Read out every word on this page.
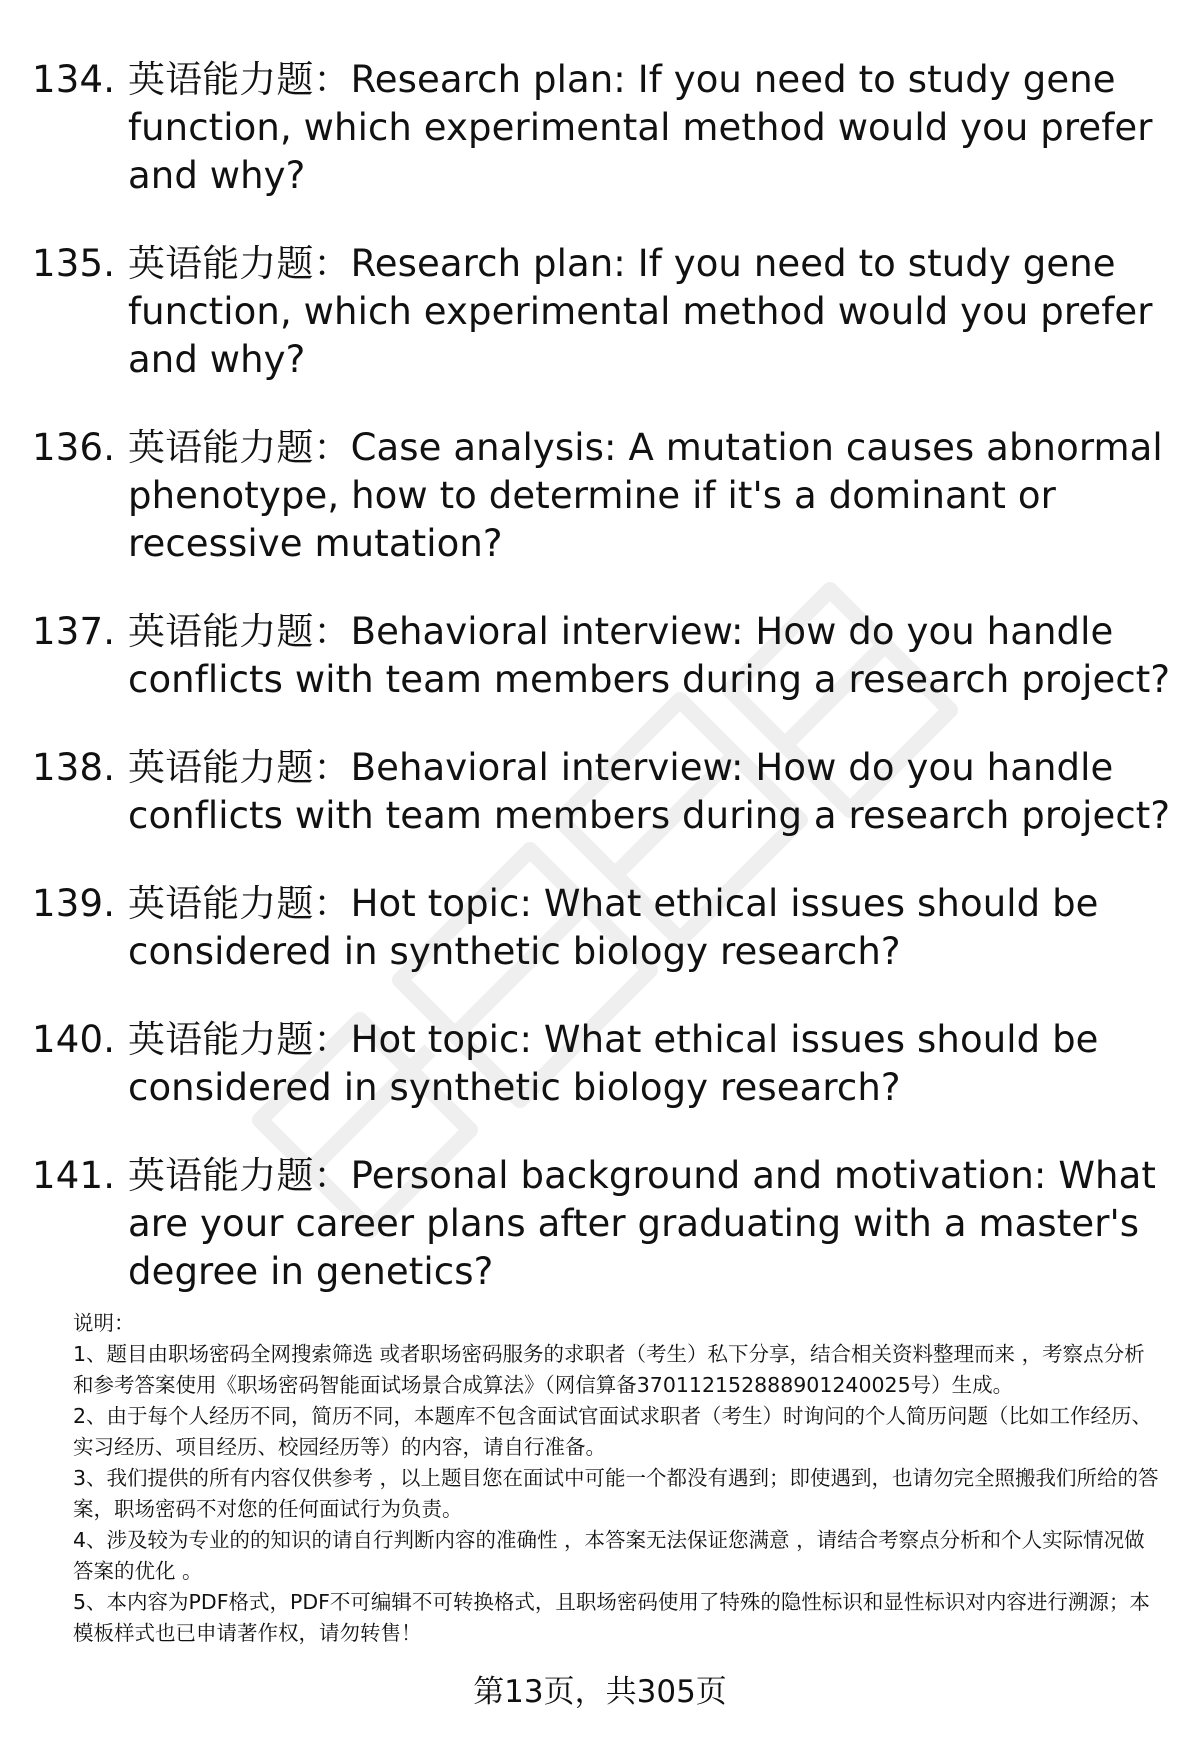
134. 英语能力题：Research plan: If you need to study gene function, which experimental method would you prefer and why?
135. 英语能力题：Research plan: If you need to study gene function, which experimental method would you prefer and why?
136. 英语能力题：Case analysis: A mutation causes abnormal phenotype, how to determine if it's a dominant or recessive mutation?
137. 英语能力题：Behavioral interview: How do you handle conflicts with team members during a research project?
138. 英语能力题：Behavioral interview: How do you handle conflicts with team members during a research project?
139. 英语能力题：Hot topic: What ethical issues should be considered in synthetic biology research?
140. 英语能力题：Hot topic: What ethical issues should be considered in synthetic biology research?
141. 英语能力题：Personal background and motivation: What are your career plans after graduating with a master's degree in genetics?

说明：

1、题目由职场密码全网搜索筛选 或者职场密码服务的求职者（考生）私下分享，结合相关资料整理而来 ，考察点分析和参考答案使用《职场密码智能面试场景合成算法》（网信算备370112152888901240025号）生成。

2、由于每个人经历不同，简历不同，本题库不包含面试官面试求职者（考生）时询问的个人简历问题（比如工作经历、实习经历、项目经历、校园经历等）的内容，请自行准备。

3、我们提供的所有内容仅供参考 ，以上题目您在面试中可能一个都没有遇到；即使遇到，也请勿完全照搬我们所给的答案，职场密码不对您的任何面试行为负责。

4、涉及较为专业的的知识的请自行判断内容的准确性 ，本答案无法保证您满意 ，请结合考察点分析和个人实际情况做答案的优化 。

5、本内容为PDF格式，PDF不可编辑不可转换格式，且职场密码使用了特殊的隐性标识和显性标识对内容进行溯源；本模板样式也已申请著作权，请勿转售！

第13页，共305页
